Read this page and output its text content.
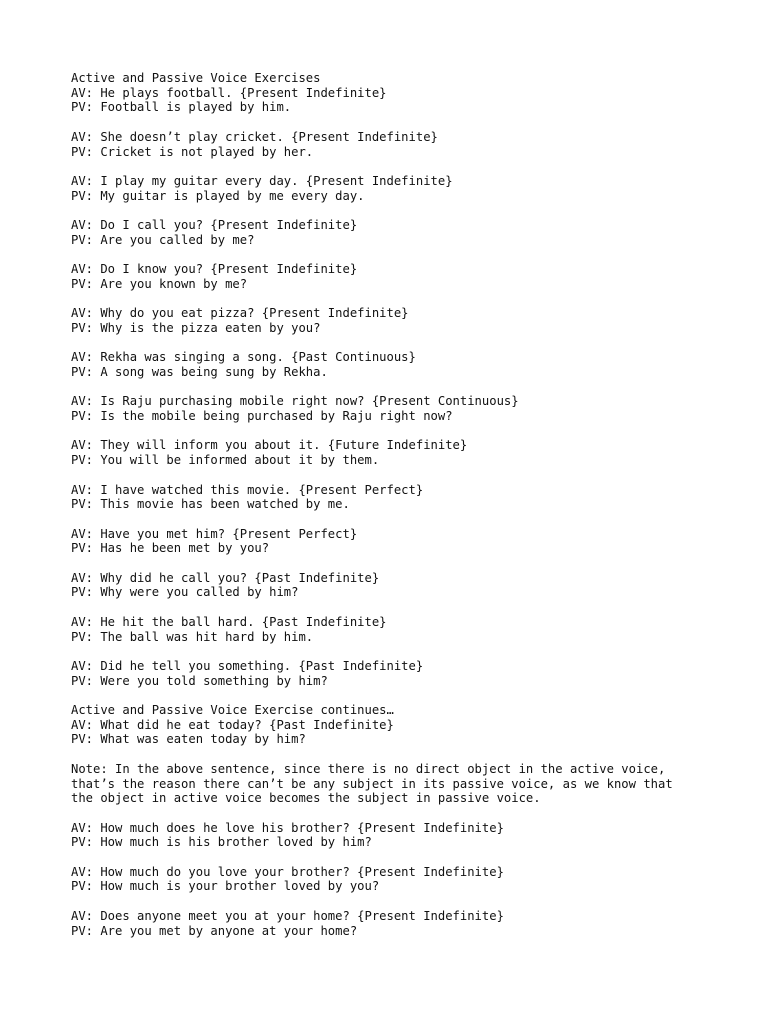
Active and Passive Voice Exercises
AV: He plays football. {Present Indefinite}
PV: Football is played by him.
AV: She doesn’t play cricket. {Present Indefinite}
PV: Cricket is not played by her.
AV: I play my guitar every day. {Present Indefinite}
PV: My guitar is played by me every day.
AV: Do I call you? {Present Indefinite}
PV: Are you called by me?
AV: Do I know you? {Present Indefinite}
PV: Are you known by me?
AV: Why do you eat pizza? {Present Indefinite}
PV: Why is the pizza eaten by you?
AV: Rekha was singing a song. {Past Continuous}
PV: A song was being sung by Rekha.
AV: Is Raju purchasing mobile right now? {Present Continuous}
PV: Is the mobile being purchased by Raju right now?
AV: They will inform you about it. {Future Indefinite}
PV: You will be informed about it by them.
AV: I have watched this movie. {Present Perfect}
PV: This movie has been watched by me.
AV: Have you met him? {Present Perfect}
PV: Has he been met by you?
AV: Why did he call you? {Past Indefinite}
PV: Why were you called by him?
AV: He hit the ball hard. {Past Indefinite}
PV: The ball was hit hard by him.
AV: Did he tell you something. {Past Indefinite}
PV: Were you told something by him?
Active and Passive Voice Exercise continues…
AV: What did he eat today? {Past Indefinite}
PV: What was eaten today by him?
Note: In the above sentence, since there is no direct object in the active voice,
that’s the reason there can’t be any subject in its passive voice, as we know that
the object in active voice becomes the subject in passive voice.
AV: How much does he love his brother? {Present Indefinite}
PV: How much is his brother loved by him?
AV: How much do you love your brother? {Present Indefinite}
PV: How much is your brother loved by you?
AV: Does anyone meet you at your home? {Present Indefinite}
PV: Are you met by anyone at your home?
